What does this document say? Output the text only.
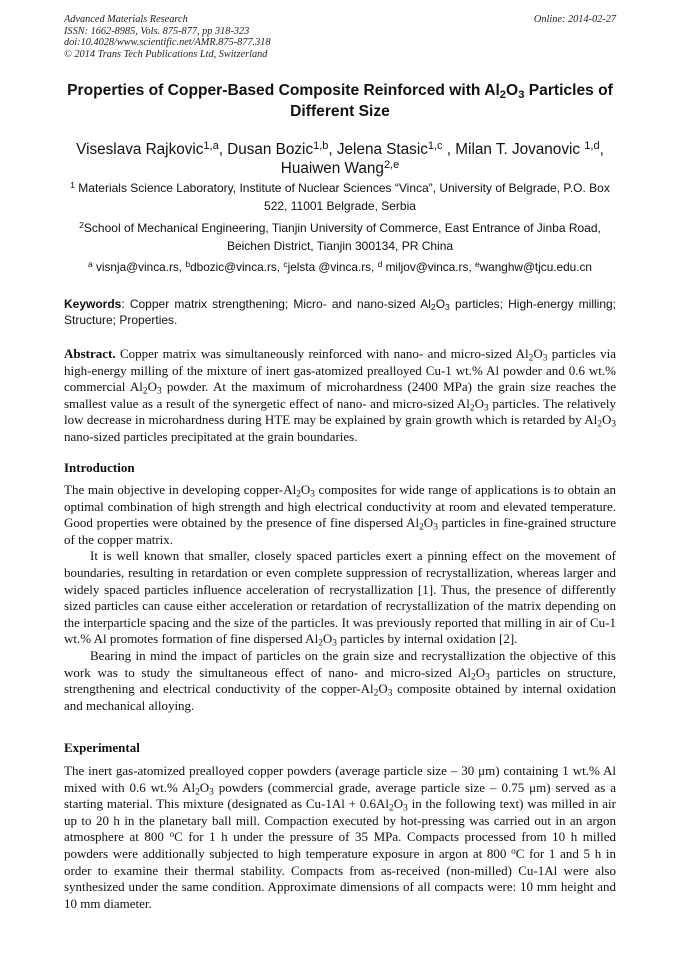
Advanced Materials Research
ISSN: 1662-8985, Vols. 875-877, pp 318-323
doi:10.4028/www.scientific.net/AMR.875-877.318
© 2014 Trans Tech Publications Ltd, Switzerland
Online: 2014-02-27
Properties of Copper-Based Composite Reinforced with $Al_2O_3$ Particles of Different Size
Viseslava Rajkovic$^{1,a}$, Dusan Bozic$^{1,b}$, Jelena Stasic$^{1,c}$ , Milan T. Jovanovic $^{1,d}$, Huaiwen Wang$^{2,e}$
$^1$ Materials Science Laboratory, Institute of Nuclear Sciences “Vinca”, University of Belgrade, P.O. Box 522, 11001 Belgrade, Serbia
$^2$School of Mechanical Engineering, Tianjin University of Commerce, East Entrance of Jinba Road, Beichen District, Tianjin 300134, PR China
$^a$ visnja@vinca.rs, $^b$dbozic@vinca.rs, $^c$jelsta @vinca.rs, $^d$ miljov@vinca.rs, $^e$wanghw@tjcu.edu.cn
Keywords: Copper matrix strengthening; Micro- and nano-sized $Al_2O_3$ particles; High-energy milling; Structure; Properties.

Abstract. Copper matrix was simultaneously reinforced with nano- and micro-sized $Al_2O_3$ particles via high-energy milling of the mixture of inert gas-atomized prealloyed Cu-1 wt.% Al powder and 0.6 wt.% commercial $Al_2O_3$ powder. At the maximum of microhardness (2400 MPa) the grain size reaches the smallest value as a result of the synergetic effect of nano- and micro-sized $Al_2O_3$ particles. The relatively low decrease in microhardness during HTE may be explained by grain growth which is retarded by $Al_2O_3$ nano-sized particles precipitated at the grain boundaries.

Introduction

The main objective in developing copper-$Al_2O_3$ composites for wide range of applications is to obtain an optimal combination of high strength and high electrical conductivity at room and elevated temperature. Good properties were obtained by the presence of fine dispersed $Al_2O_3$ particles in fine-grained structure of the copper matrix.

It is well known that smaller, closely spaced particles exert a pinning effect on the movement of boundaries, resulting in retardation or even complete suppression of recrystallization, whereas larger and widely spaced particles influence acceleration of recrystallization [1]. Thus, the presence of differently sized particles can cause either acceleration or retardation of recrystallization of the matrix depending on the interparticle spacing and the size of the particles. It was previously reported that milling in air of Cu-1 wt.% Al promotes formation of fine dispersed $Al_2O_3$ particles by internal oxidation [2].

Bearing in mind the impact of particles on the grain size and recrystallization the objective of this work was to study the simultaneous effect of nano- and micro-sized $Al_2O_3$ particles on structure, strengthening and electrical conductivity of the copper-$Al_2O_3$ composite obtained by internal oxidation and mechanical alloying.

Experimental

The inert gas-atomized prealloyed copper powders (average particle size – 30 μm) containing 1 wt.% Al mixed with 0.6 wt.% $Al_2O_3$ powders (commercial grade, average particle size – 0.75 μm) served as a starting material. This mixture (designated as $Cu-1Al + 0.6Al_2O_3$ in the following text) was milled in air up to 20 h in the planetary ball mill. Compaction executed by hot-pressing was carried out in an argon atmosphere at 800 $^o$C for 1 h under the pressure of 35 MPa. Compacts processed from 10 h milled powders were additionally subjected to high temperature exposure in argon at 800 $^o$C for 1 and 5 h in order to examine their thermal stability. Compacts from as-received (non-milled) Cu-1Al were also synthesized under the same condition. Approximate dimensions of all compacts were: 10 mm height and 10 mm diameter.
